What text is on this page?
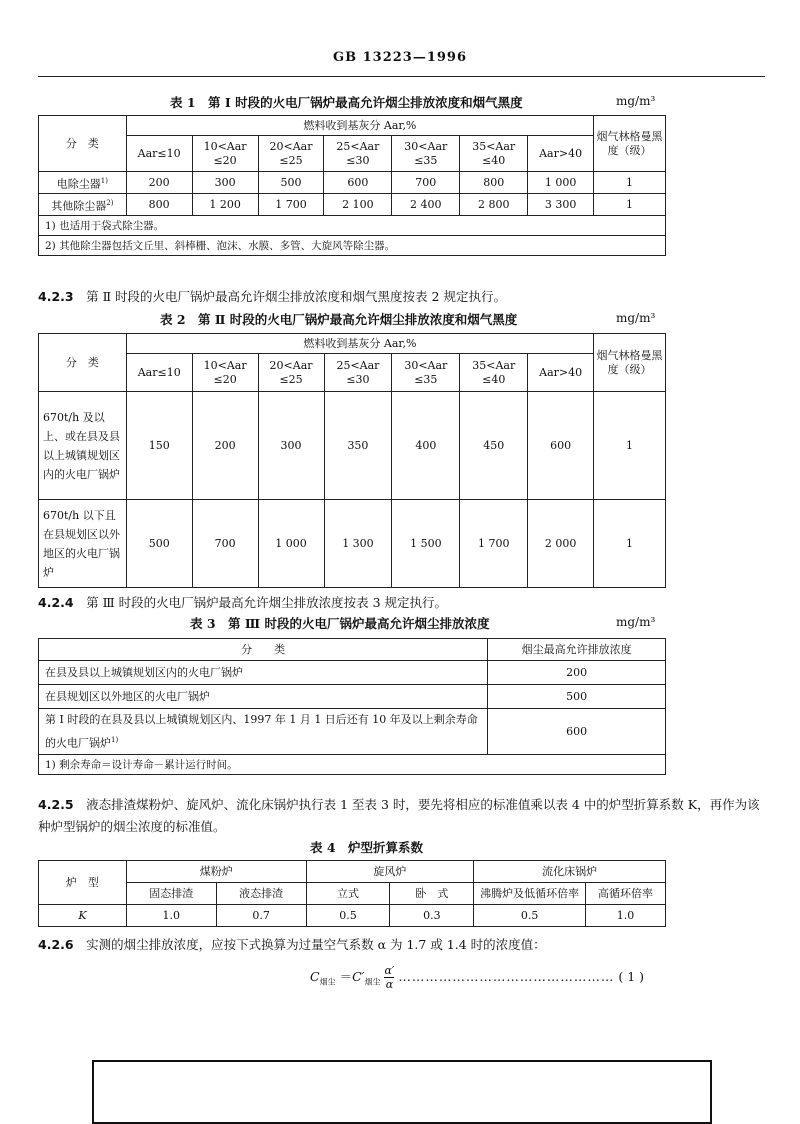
GB 13223—1996
表 1　第 Ⅰ 时段的火电厂锅炉最高允许烟尘排放浓度和烟气黑度	mg/m³
分　类	燃料收到基灰分 Aar,%							烟气林格曼黑度（级）
	Aar≤10	10<Aar ≤20	20<Aar ≤25	25<Aar ≤30	30<Aar ≤35	35<Aar ≤40	Aar>40	
电除尘器$^{1)}$	200	300	500	600	700	800	1 000	1
其他除尘器$^{2)}$	800	1 200	1 700	2 100	2 400	2 800	3 300	1
1) 也适用于袋式除尘器。								
2) 其他除尘器包括文丘里、斜棒栅、泡沫、水膜、多管、大旋风等除尘器。								
4.2.3　 第 Ⅱ 时段的火电厂锅炉最高允许烟尘排放浓度和烟气黑度按表 2 规定执行。
表 2　第 Ⅱ 时段的火电厂锅炉最高允许烟尘排放浓度和烟气黑度	mg/m³
分　类	燃料收到基灰分 Aar,%							烟气林格曼黑度（级）
	Aar≤10	10<Aar ≤20	20<Aar ≤25	25<Aar ≤30	30<Aar ≤35	35<Aar ≤40	Aar>40	
670t/h 及以上、或在县及县以上城镇规划区内的火电厂锅炉	150	200	300	350	400	450	600	1
670t/h 以下且在县规划区以外地区的火电厂锅炉	500	700	1 000	1 300	1 500	1 700	2 000	1
4.2.4　 第 Ⅲ 时段的火电厂锅炉最高允许烟尘排放浓度按表 3 规定执行。
表 3　第 Ⅲ 时段的火电厂锅炉最高允许烟尘排放浓度	mg/m³
分　　类	烟尘最高允许排放浓度
在县及县以上城镇规划区内的火电厂锅炉	200
在县规划区以外地区的火电厂锅炉	500
第 Ⅰ 时段的在县及县以上城镇规划区内、1997 年 1 月 1 日后还有 10 年及以上剩余寿命的火电厂锅炉$^{1)}$	600
1) 剩余寿命＝设计寿命－累计运行时间。	
4.2.5　 液态排渣煤粉炉、旋风炉、流化床锅炉执行表 1 至表 3 时，要先将相应的标准值乘以表 4 中的炉型折算系数 K，再作为该种炉型锅炉的烟尘浓度的标准值。
表 4　炉型折算系数
炉　型	煤粉炉		旋风炉		流化床锅炉	
	固态排渣	液态排渣	立式	卧　式	沸腾炉及低循环倍率	高循环倍率
K	1.0	0.7	0.5	0.3	0.5	1.0
4.2.6　 实测的烟尘排放浓度，应按下式换算为过量空气系数 α 为 1.7 或 1.4 时的浓度值：
$C_{烟尘} =C'_{烟尘} \frac{\alpha'}{\alpha}$ ………………………………………… ( 1 )
